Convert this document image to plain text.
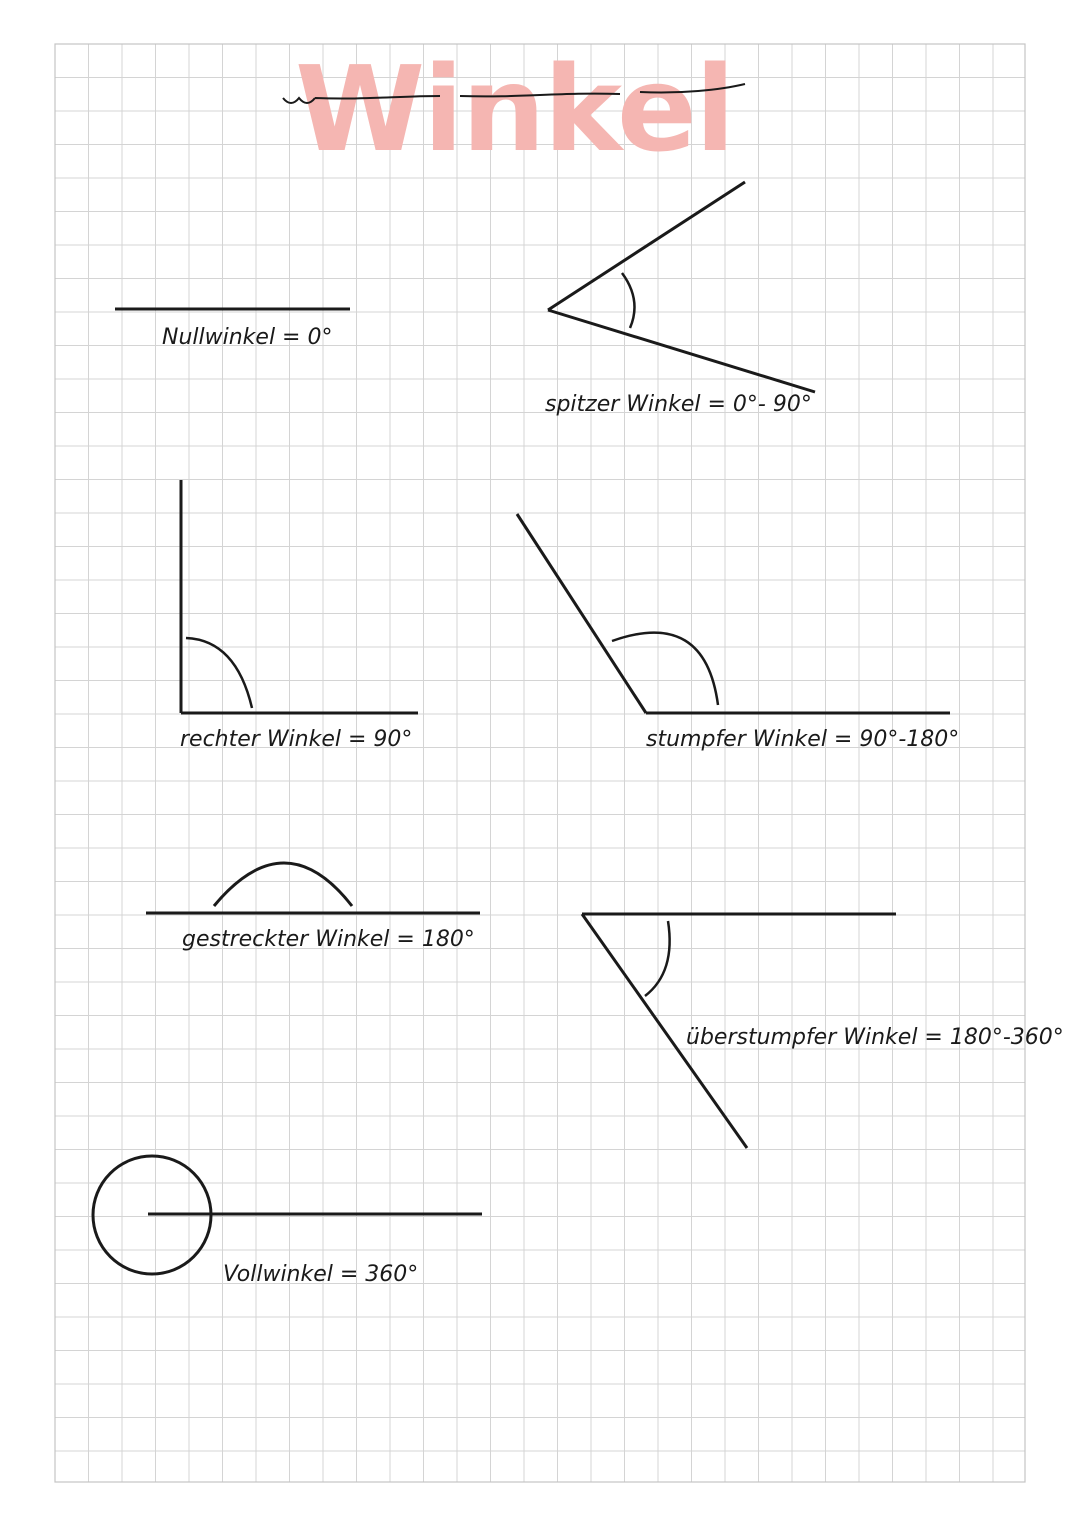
Winkel
Nullwinkel = 0°
spitzer Winkel = 0°- 90°
rechter Winkel = 90°	stumpfer Winkel = 90°-180°
gestreckter Winkel = 180°
überstumpfer Winkel = 180°-360°
Vollwinkel = 360°
